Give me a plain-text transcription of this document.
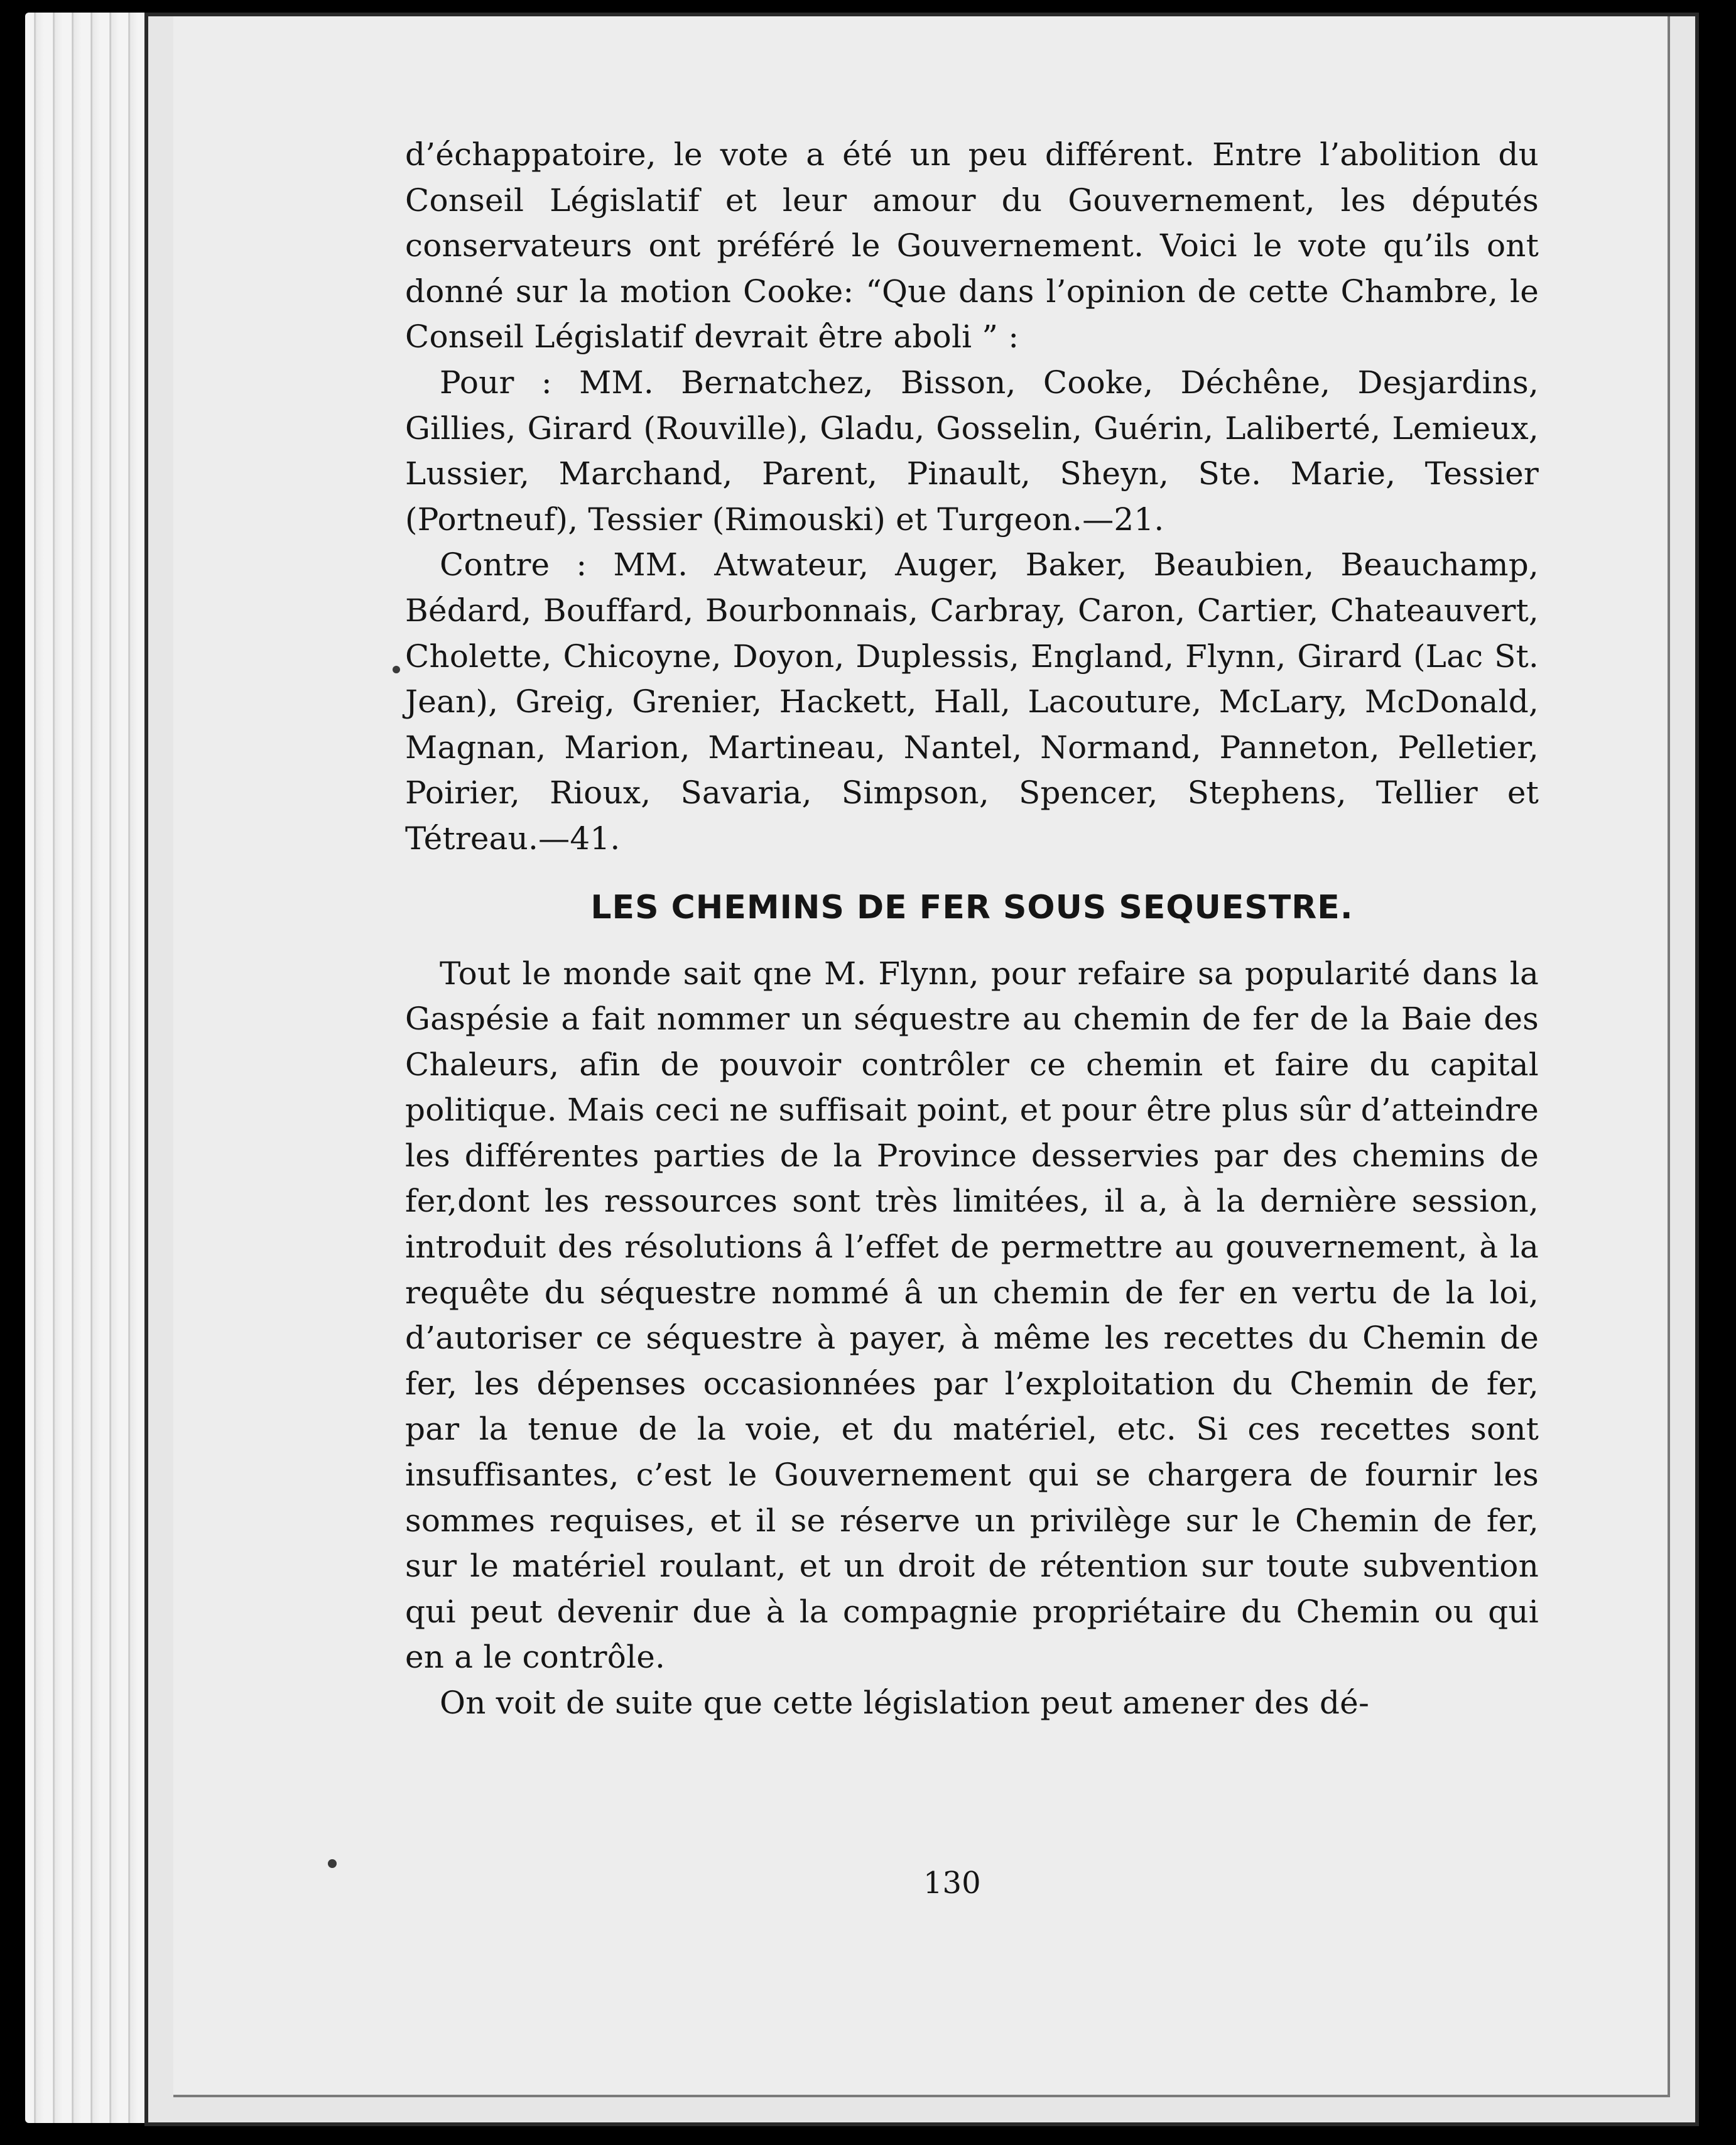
d’échappatoire, le vote a été un peu différent. Entre l’abolition du Conseil Législatif et leur amour du Gouvernement, les députés conservateurs ont préféré le Gouvernement. Voici le vote qu’ils ont donné sur la motion Cooke: “Que dans l’opinion de cette Chambre, le Conseil Législatif devrait être aboli ” :

Pour : MM. Bernatchez, Bisson, Cooke, Déchêne, Desjardins, Gillies, Girard (Rouville), Gladu, Gosselin, Guérin, Laliberté, Lemieux, Lussier, Marchand, Parent, Pinault, Sheyn, Ste. Marie, Tessier (Portneuf), Tessier (Rimouski) et Turgeon.—21.

Contre : MM. Atwateur, Auger, Baker, Beaubien, Beauchamp, Bédard, Bouffard, Bourbonnais, Carbray, Caron, Cartier, Chateauvert, Cholette, Chicoyne, Doyon, Duplessis, England, Flynn, Girard (Lac St. Jean), Greig, Grenier, Hackett, Hall, Lacouture, McLary, McDonald, Magnan, Marion, Martineau, Nantel, Normand, Panneton, Pelletier, Poirier, Rioux, Savaria, Simpson, Spencer, Stephens, Tellier et Tétreau.—41.

LES CHEMINS DE FER SOUS SEQUESTRE.

Tout le monde sait qne M. Flynn, pour refaire sa popularité dans la Gaspésie a fait nommer un séquestre au chemin de fer de la Baie des Chaleurs, afin de pouvoir contrôler ce chemin et faire du capital politique. Mais ceci ne suffisait point, et pour être plus sûr d’atteindre les différentes parties de la Province desservies par des chemins de fer,dont les ressources sont très limitées, il a, à la dernière session, introduit des résolutions â l’effet de permettre au gouvernement, à la requête du séquestre nommé â un chemin de fer en vertu de la loi, d’autoriser ce séquestre à payer, à même les recettes du Chemin de fer, les dépenses occasionnées par l’exploitation du Chemin de fer, par la tenue de la voie, et du matériel, etc. Si ces recettes sont insuffisantes, c’est le Gouvernement qui se chargera de fournir les sommes requises, et il se réserve un privilège sur le Chemin de fer, sur le matériel roulant, et un droit de rétention sur toute subvention qui peut devenir due à la compagnie propriétaire du Chemin ou qui en a le contrôle.

On voit de suite que cette législation peut amener des dé-

130
